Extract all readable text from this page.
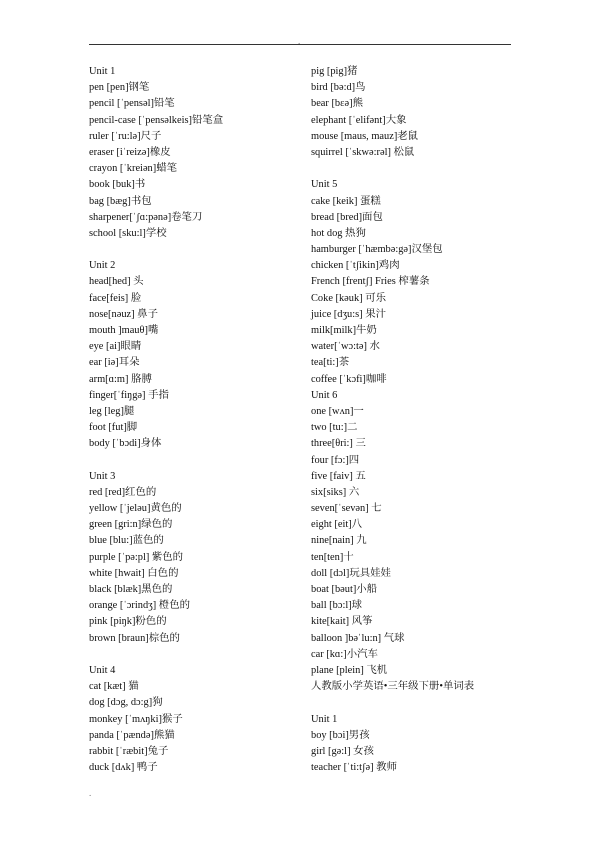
.
Unit 1
pen [pen]钢笔
pencil [ˈpensəl]铅笔
pencil-case [ˈpensəlkeis]铅笔盒
ruler [ˈru:lə]尺子
eraser [iˈreizə]橡皮
crayon [ˈkreiən]蜡笔
book [buk]书
bag [bæg]书包
sharpener[ˈʃɑ:pənə]卷笔刀
school [sku:l]学校
Unit 2
head[hed] 头
face[feis] 脸
nose[nəuz] 鼻子
mouth ]mauθ]嘴
eye [ai]眼睛
ear [iə]耳朵
arm[ɑ:m] 胳膊
finger[ˈfiŋgə] 手指
leg [leg]腿
foot [fut]脚
body [ˈbɔdi]身体
Unit 3
red [red]红色的
yellow [ˈjeləu]黄色的
green [gri:n]绿色的
blue [blu:]蓝色的
purple [ˈpə:pl] 紫色的
white [hwait] 白色的
black [blæk]黑色的
orange [ˈɔrindʒ] 橙色的
pink [piŋk]粉色的
brown [braun]棕色的
Unit 4
cat [kæt] 猫
dog [dɔg, dɔ:g]狗
monkey [ˈmʌŋki]猴子
panda [ˈpændə]熊猫
rabbit [ˈræbit]兔子
duck [dʌk] 鸭子
pig [pig]猪
bird [bə:d]鸟
bear [bɛə]熊
elephant [ˈelifənt]大象
mouse [maus, mauz]老鼠
squirrel [ˈskwə:rəl] 松鼠
Unit 5
cake [keik] 蛋糕
bread [bred]面包
hot dog 热狗
hamburger [ˈhæmbə:gə]汉堡包
chicken [ˈtʃikin]鸡肉
French [frentʃ] Fries 榨薯条
Coke [kəuk] 可乐
juice [dʒu:s] 果汁
milk[milk]牛奶
water[ˈwɔ:tə] 水
tea[ti:]茶
coffee [ˈkɔfi]咖啡
Unit 6
one [wʌn]一
two [tu:]二
three[θri:] 三
four [fɔ:]四
five [faiv] 五
six[siks] 六
seven[ˈsevən] 七
eight [eit]八
nine[nain] 九
ten[ten]十
doll [dɔl]玩具娃娃
boat [bəut]小船
ball [bɔ:l]球
kite[kait] 风筝
balloon ]bəˈlu:n] 气球
car [kɑ:]小汽车
plane [plein] 飞机
人教版小学英语•三年级下册•单词表
Unit 1
boy [bɔi]男孩
girl [gə:l] 女孩
teacher [ˈti:tʃə] 教师
.
